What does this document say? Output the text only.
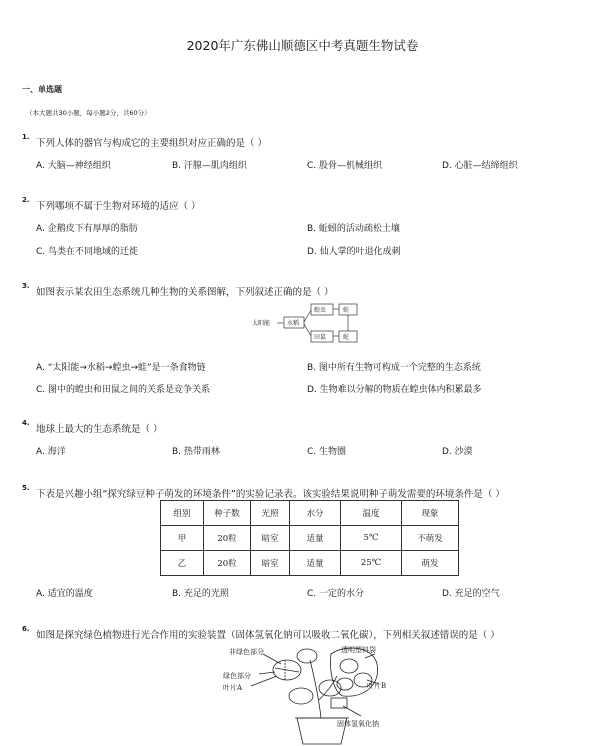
2020年广东佛山顺德区中考真题生物试卷
一、单选题
（本大题共30小题，每小题2分，共60分）
1.
下列人体的器官与构成它的主要组织对应正确的是（ ）
A. 大脑—神经组织	B. 汗腺—肌肉组织	C. 股骨—机械组织	D. 心脏—结缔组织
2.
下列哪项不属于生物对环境的适应（ ）
A. 企鹅皮下有厚厚的脂肪	B. 蚯蚓的活动疏松土壤
C. 鸟类在不同地域的迁徙	D. 仙人掌的叶退化成刺
3.
如图表示某农田生态系统几种生物的关系图解，下列叙述正确的是（ ）
太阳能	水稻
蝗虫	蛙
田鼠	蛇
A. “太阳能→水稻→蝗虫→蛙”是一条食物链	B. 图中所有生物可构成一个完整的生态系统
C. 图中的蝗虫和田鼠之间的关系是竞争关系	D. 生物难以分解的物质在蝗虫体内积累最多
4.
地球上最大的生态系统是（ ）
A. 海洋	B. 热带雨林	C. 生物圈	D. 沙漠
5.
下表是兴趣小组“探究绿豆种子萌发的环境条件”的实验记录表。该实验结果说明种子萌发需要的环境条件是（ ）
组别	种子数	光照	水分	温度	现象
甲	20粒	暗室	适量	5℃	不萌发
乙	20粒	暗室	适量	25℃	萌发
A. 适宜的温度	B. 充足的光照	C. 一定的水分	D. 充足的空气
6.
如图是探究绿色植物进行光合作用的实验装置（固体氢氧化钠可以吸收二氧化碳），下列相关叙述错误的是（ ）
非绿色部分
绿色部分
叶片A
透明塑料袋
叶片B
固体氢氧化钠
